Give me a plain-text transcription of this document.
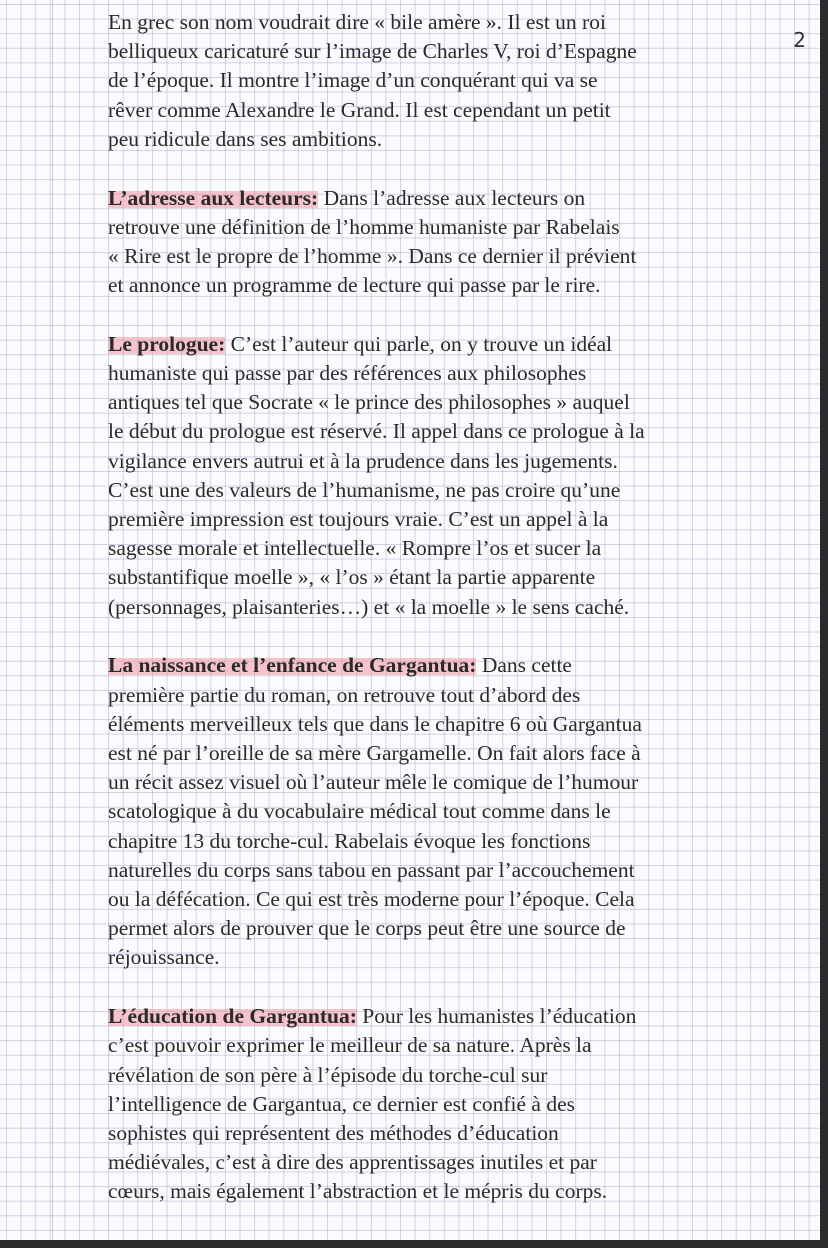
2

En grec son nom voudrait dire « bile amère ». Il est un roi
belliqueux caricaturé sur l’image de Charles V, roi d’Espagne
de l’époque. Il montre l’image d’un conquérant qui va se
rêver comme Alexandre le Grand. Il est cependant un petit
peu ridicule dans ses ambitions.

L’adresse aux lecteurs: Dans l’adresse aux lecteurs on
retrouve une définition de l’homme humaniste par Rabelais
« Rire est le propre de l’homme ». Dans ce dernier il prévient
et annonce un programme de lecture qui passe par le rire.

Le prologue: C’est l’auteur qui parle, on y trouve un idéal
humaniste qui passe par des références aux philosophes
antiques tel que Socrate « le prince des philosophes » auquel
le début du prologue est réservé. Il appel dans ce prologue à la
vigilance envers autrui et à la prudence dans les jugements.
C’est une des valeurs de l’humanisme, ne pas croire qu’une
première impression est toujours vraie. C’est un appel à la
sagesse morale et intellectuelle. « Rompre l’os et sucer la
substantifique moelle », « l’os » étant la partie apparente
(personnages, plaisanteries…) et « la moelle » le sens caché.

La naissance et l’enfance de Gargantua: Dans cette
première partie du roman, on retrouve tout d’abord des
éléments merveilleux tels que dans le chapitre 6 où Gargantua
est né par l’oreille de sa mère Gargamelle. On fait alors face à
un récit assez visuel où l’auteur mêle le comique de l’humour
scatologique à du vocabulaire médical tout comme dans le
chapitre 13 du torche-cul. Rabelais évoque les fonctions
naturelles du corps sans tabou en passant par l’accouchement
ou la défécation. Ce qui est très moderne pour l’époque. Cela
permet alors de prouver que le corps peut être une source de
réjouissance.

L’éducation de Gargantua: Pour les humanistes l’éducation
c’est pouvoir exprimer le meilleur de sa nature. Après la
révélation de son père à l’épisode du torche-cul sur
l’intelligence de Gargantua, ce dernier est confié à des
sophistes qui représentent des méthodes d’éducation
médiévales, c’est à dire des apprentissages inutiles et par
cœurs, mais également l’abstraction et le mépris du corps.
